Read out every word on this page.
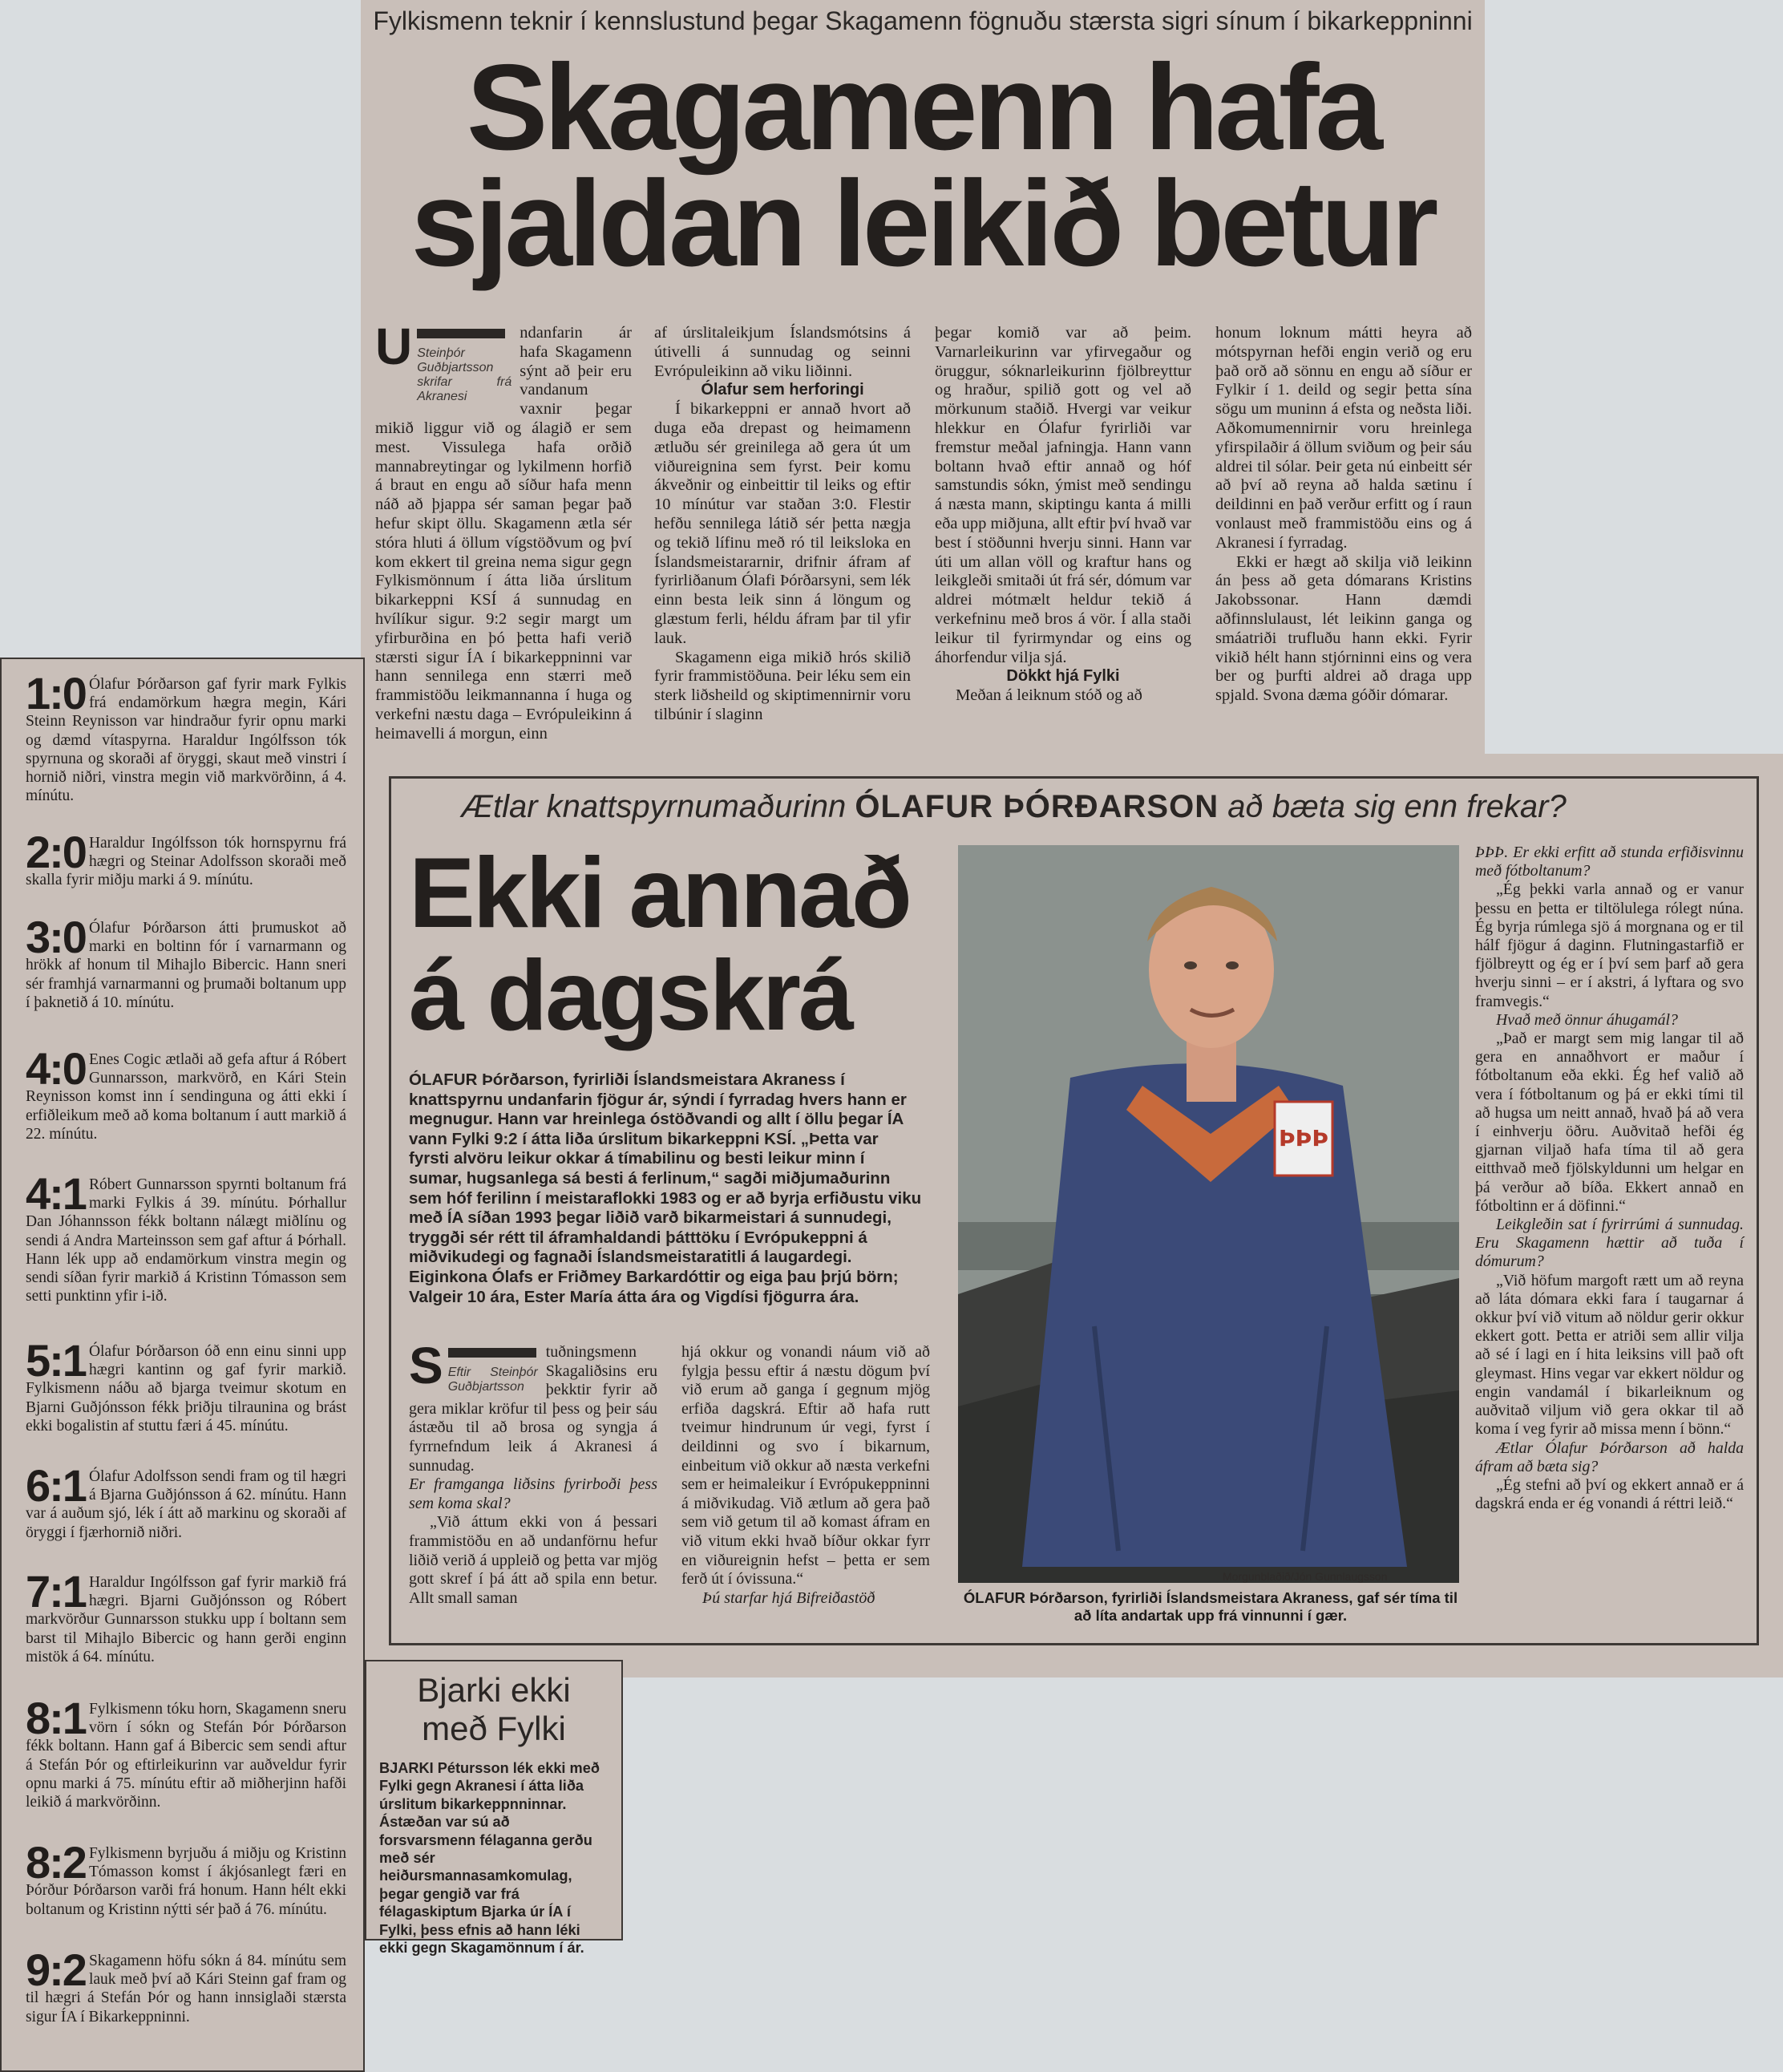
Fylkismenn teknir í kennslustund þegar Skagamenn fögnuðu stærsta sigri sínum í bikarkeppninni
Skagamenn hafa
sjaldan leikið betur

U Steinþór Guðbjartsson skrifar frá Akranesi
ndanfarin ár hafa Skagamenn sýnt að þeir eru vandanum vaxnir þegar mikið liggur við og álagið er sem mest. Vissulega hafa orðið mannabreytingar og lykilmenn horfið á braut en engu að síður hafa menn náð að þjappa sér saman þegar það hefur skipt öllu. Skagamenn ætla sér stóra hluti á öllum vígstöðvum og því kom ekkert til greina nema sigur gegn Fylkismönnum í átta liða úrslitum bikarkeppni KSÍ á sunnudag en hvílíkur sigur. 9:2 segir margt um yfirburðina en þó þetta hafi verið stærsti sigur ÍA í bikarkeppninni var hann sennilega enn stærri með frammistöðu leikmannanna í huga og verkefni næstu daga – Evrópuleikinn á heimavelli á morgun, einn

af úrslitaleikjum Íslandsmótsins á útivelli á sunnudag og seinni Evrópuleikinn að viku liðinni.

Ólafur sem herforingi

Í bikarkeppni er annað hvort að duga eða drepast og heimamenn ætluðu sér greinilega að gera út um viðureignina sem fyrst. Þeir komu ákveðnir og einbeittir til leiks og eftir 10 mínútur var staðan 3:0. Flestir hefðu sennilega látið sér þetta nægja og tekið lífinu með ró til leiksloka en Íslandsmeistararnir, drifnir áfram af fyrirliðanum Ólafi Þórðarsyni, sem lék einn besta leik sinn á löngum og glæstum ferli, héldu áfram þar til yfir lauk.

Skagamenn eiga mikið hrós skilið fyrir frammistöðuna. Þeir léku sem ein sterk liðsheild og skiptimennirnir voru tilbúnir í slaginn

þegar komið var að þeim. Varnarleikurinn var yfirvegaður og öruggur, sóknarleikurinn fjölbreyttur og hraður, spilið gott og vel að mörkunum staðið. Hvergi var veikur hlekkur en Ólafur fyrirliði var fremstur meðal jafningja. Hann vann boltann hvað eftir annað og hóf samstundis sókn, ýmist með sendingu á næsta mann, skiptingu kanta á milli eða upp miðjuna, allt eftir því hvað var best í stöðunni hverju sinni. Hann var úti um allan völl og kraftur hans og leikgleði smitaði út frá sér, dómum var aldrei mótmælt heldur tekið á verkefninu með bros á vör. Í alla staði leikur til fyrirmyndar og eins og áhorfendur vilja sjá.

Dökkt hjá Fylki

Meðan á leiknum stóð og að

honum loknum mátti heyra að mótspyrnan hefði engin verið og eru það orð að sönnu en engu að síður er Fylkir í 1. deild og segir þetta sína sögu um muninn á efsta og neðsta liði. Aðkomumennirnir voru hreinlega yfirspilaðir á öllum sviðum og þeir sáu aldrei til sólar. Þeir geta nú einbeitt sér að því að reyna að halda sætinu í deildinni en það verður erfitt og í raun vonlaust með frammistöðu eins og á Akranesi í fyrradag.

Ekki er hægt að skilja við leikinn án þess að geta dómarans Kristins Jakobssonar. Hann dæmdi aðfinnslulaust, lét leikinn ganga og smáatriði trufluðu hann ekki. Fyrir vikið hélt hann stjórninni eins og vera ber og þurfti aldrei að draga upp spjald. Svona dæma góðir dómarar.

1:0 Ólafur Þórðarson gaf fyrir mark Fylkis frá endamörkum hægra megin, Kári Steinn Reynisson var hindraður fyrir opnu marki og dæmd vítaspyrna. Haraldur Ingólfsson tók spyrnuna og skoraði af öryggi, skaut með vinstri í hornið niðri, vinstra megin við markvörðinn, á 4. mínútu.
2:0 Haraldur Ingólfsson tók hornspyrnu frá hægri og Steinar Adolfsson skoraði með skalla fyrir miðju marki á 9. mínútu.
3:0 Ólafur Þórðarson átti þrumuskot að marki en boltinn fór í varnarmann og hrökk af honum til Mihajlo Bibercic. Hann sneri sér framhjá varnarmanni og þrumaði boltanum upp í þaknetið á 10. mínútu.
4:0 Enes Cogic ætlaði að gefa aftur á Róbert Gunnarsson, markvörð, en Kári Stein Reynisson komst inn í sendinguna og átti ekki í erfiðleikum með að koma boltanum í autt markið á 22. mínútu.
4:1 Róbert Gunnarsson spyrnti boltanum frá marki Fylkis á 39. mínútu. Þórhallur Dan Jóhannsson fékk boltann nálægt miðlínu og sendi á Andra Marteinsson sem gaf aftur á Þórhall. Hann lék upp að endamörkum vinstra megin og sendi síðan fyrir markið á Kristinn Tómasson sem setti punktinn yfir i-ið.
5:1 Ólafur Þórðarson óð enn einu sinni upp hægri kantinn og gaf fyrir markið. Fylkismenn náðu að bjarga tveimur skotum en Bjarni Guðjónsson fékk þriðju tilraunina og brást ekki bogalistin af stuttu færi á 45. mínútu.
6:1 Ólafur Adolfsson sendi fram og til hægri á Bjarna Guðjónsson á 62. mínútu. Hann var á auðum sjó, lék í átt að markinu og skoraði af öryggi í fjærhornið niðri.
7:1 Haraldur Ingólfsson gaf fyrir markið frá hægri. Bjarni Guðjónsson og Róbert markvörður Gunnarsson stukku upp í boltann sem barst til Mihajlo Bibercic og hann gerði enginn mistök á 64. mínútu.
8:1 Fylkismenn tóku horn, Skagamenn sneru vörn í sókn og Stefán Þór Þórðarson fékk boltann. Hann gaf á Bibercic sem sendi aftur á Stefán Þór og eftirleikurinn var auðveldur fyrir opnu marki á 75. mínútu eftir að miðherjinn hafði leikið á markvörðinn.
8:2 Fylkismenn byrjuðu á miðju og Kristinn Tómasson komst í ákjósanlegt færi en Þórður Þórðarson varði frá honum. Hann hélt ekki boltanum og Kristinn nýtti sér það á 76. mínútu.
9:2 Skagamenn höfu sókn á 84. mínútu sem lauk með því að Kári Steinn gaf fram og til hægri á Stefán Þór og hann innsiglaði stærsta sigur ÍA í Bikarkeppninni.
Ætlar knattspyrnumaðurinn ÓLAFUR ÞÓRÐARSON að bæta sig enn frekar?
Ekki annað
á dagskrá
ÓLAFUR Þórðarson, fyrirliði Íslandsmeistara Akraness í knattspyrnu undanfarin fjögur ár, sýndi í fyrradag hvers hann er megnugur. Hann var hreinlega óstöðvandi og allt í öllu þegar ÍA vann Fylki 9:2 í átta liða úrslitum bikarkeppni KSÍ. „Þetta var fyrsti alvöru leikur okkar á tímabilinu og besti leikur minn í sumar, hugsanlega sá besti á ferlinum,“ sagði miðjumaðurinn sem hóf ferilinn í meistaraflokki 1983 og er að byrja erfiðustu viku með ÍA síðan 1993 þegar liðið varð bikarmeistari á sunnudegi, tryggði sér rétt til áframhaldandi þátttöku í Evrópukeppni á miðvikudegi og fagnaði Íslandsmeistaratitli á laugardegi. Eiginkona Ólafs er Friðmey Barkardóttir og eiga þau þrjú börn; Valgeir 10 ára, Ester María átta ára og Vigdísi fjögurra ára.

S Eftir Steinþór Guðbjartsson
tuðningsmenn Skagaliðsins eru þekktir fyrir að gera miklar kröfur til þess og þeir sáu ástæðu til að brosa og syngja á fyrrnefndum leik á Akranesi á sunnudag.

Er framganga liðsins fyrirboði þess sem koma skal?

„Við áttum ekki von á þessari frammistöðu en að undanförnu hefur liðið verið á uppleið og þetta var mjög gott skref í þá átt að spila enn betur. Allt small saman

hjá okkur og vonandi náum við að fylgja þessu eftir á næstu dögum því við erum að ganga í gegnum mjög erfiða dagskrá. Eftir að hafa rutt tveimur hindrunum úr vegi, fyrst í deildinni og svo í bikarnum, einbeitum við okkur að næsta verkefni sem er heimaleikur í Evrópukeppninni á miðvikudag. Við ætlum að gera það sem við getum til að komast áfram en við vitum ekki hvað bíður okkar fyrr en viðureignin hefst – þetta er sem ferð út í óvissuna.“

Þú starfar hjá Bifreiðastöð

ÞÞÞ
Morgunblaðið/Jón Gunnlaugsson
ÓLAFUR Þórðarson, fyrirliði Íslandsmeistara Akraness, gaf sér tíma til að líta andartak upp frá vinnunni í gær.

ÞÞÞ. Er ekki erfitt að stunda erfiðisvinnu með fótboltanum?

„Ég þekki varla annað og er vanur þessu en þetta er tiltölulega rólegt núna. Ég byrja rúmlega sjö á morgnana og er til hálf fjögur á daginn. Flutningastarfið er fjölbreytt og ég er í því sem þarf að gera hverju sinni – er í akstri, á lyftara og svo framvegis.“

Hvað með önnur áhugamál?

„Það er margt sem mig langar til að gera en annaðhvort er maður í fótboltanum eða ekki. Ég hef valið að vera í fótboltanum og þá er ekki tími til að hugsa um neitt annað, hvað þá að vera í einhverju öðru. Auðvitað hefði ég gjarnan viljað hafa tíma til að gera eitthvað með fjölskyldunni um helgar en þá verður að bíða. Ekkert annað en fótboltinn er á döfinni.“

Leikgleðin sat í fyrirrúmi á sunnudag. Eru Skagamenn hættir að tuða í dómurum?

„Við höfum margoft rætt um að reyna að láta dómara ekki fara í taugarnar á okkur því við vitum að nöldur gerir okkur ekkert gott. Þetta er atriði sem allir vilja að sé í lagi en í hita leiksins vill það oft gleymast. Hins vegar var ekkert nöldur og engin vandamál í bikarleiknum og auðvitað viljum við gera okkar til að koma í veg fyrir að missa menn í bönn.“

Ætlar Ólafur Þórðarson að halda áfram að bæta sig?

„Ég stefni að því og ekkert annað er á dagskrá enda er ég vonandi á réttri leið.“

Bjarki ekki
með Fylki
BJARKI Pétursson lék ekki með Fylki gegn Akranesi í átta liða úrslitum bikarkeppnninnar. Ástæðan var sú að forsvarsmenn félaganna gerðu með sér heiðursmannasamkomulag, þegar gengið var frá félagaskiptum Bjarka úr ÍA í Fylki, þess efnis að hann léki ekki gegn Skagamönnum í ár.
